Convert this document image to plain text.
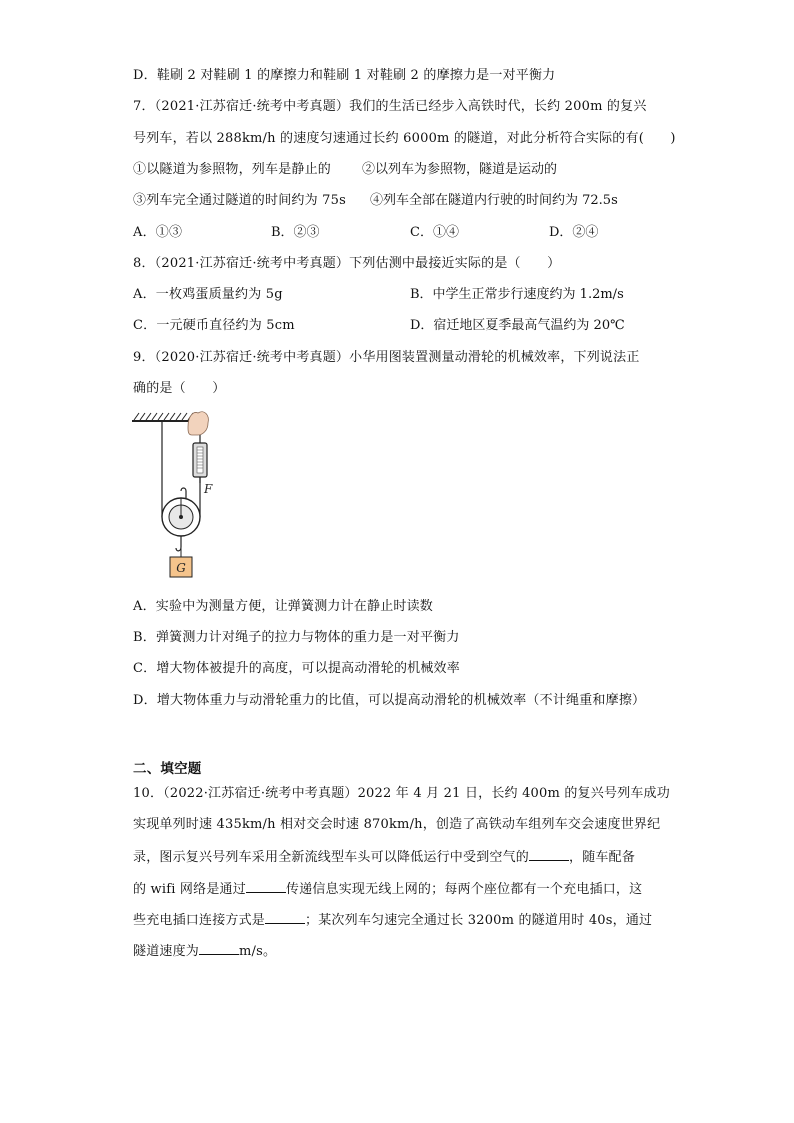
D．鞋刷 2 对鞋刷 1 的摩擦力和鞋刷 1 对鞋刷 2 的摩擦力是一对平衡力
7．（2021·江苏宿迁·统考中考真题）我们的生活已经步入高铁时代，长约 200m 的复兴
号列车，若以 288km/h 的速度匀速通过长约 6000m 的隧道，对此分析符合实际的有(　　)
①以隧道为参照物，列车是静止的 ②以列车为参照物，隧道是运动的
③列车完全通过隧道的时间约为 75s ④列车全部在隧道内行驶的时间约为 72.5s
A．①③	B．②③	C．①④	D．②④
8．（2021·江苏宿迁·统考中考真题）下列估测中最接近实际的是（　　）
A．一枚鸡蛋质量约为 5g	B．中学生正常步行速度约为 1.2m/s
C．一元硬币直径约为 5cm	D．宿迁地区夏季最高气温约为 20℃
9．（2020·江苏宿迁·统考中考真题）小华用图装置测量动滑轮的机械效率，下列说法正
确的是（　　）
F
G
A．实验中为测量方便，让弹簧测力计在静止时读数
B．弹簧测力计对绳子的拉力与物体的重力是一对平衡力
C．增大物体被提升的高度，可以提高动滑轮的机械效率
D．增大物体重力与动滑轮重力的比值，可以提高动滑轮的机械效率（不计绳重和摩擦）
二、填空题
10．（2022·江苏宿迁·统考中考真题）2022 年 4 月 21 日，长约 400m 的复兴号列车成功
实现单列时速 435km/h 相对交会时速 870km/h，创造了高铁动车组列车交会速度世界纪
录，图示复兴号列车采用全新流线型车头可以降低运行中受到空气的	，随车配备
的 wifi 网络是通过	传递信息实现无线上网的；每两个座位都有一个充电插口，这
些充电插口连接方式是	；某次列车匀速完全通过长 3200m 的隧道用时 40s，通过
隧道速度为	m/s。
